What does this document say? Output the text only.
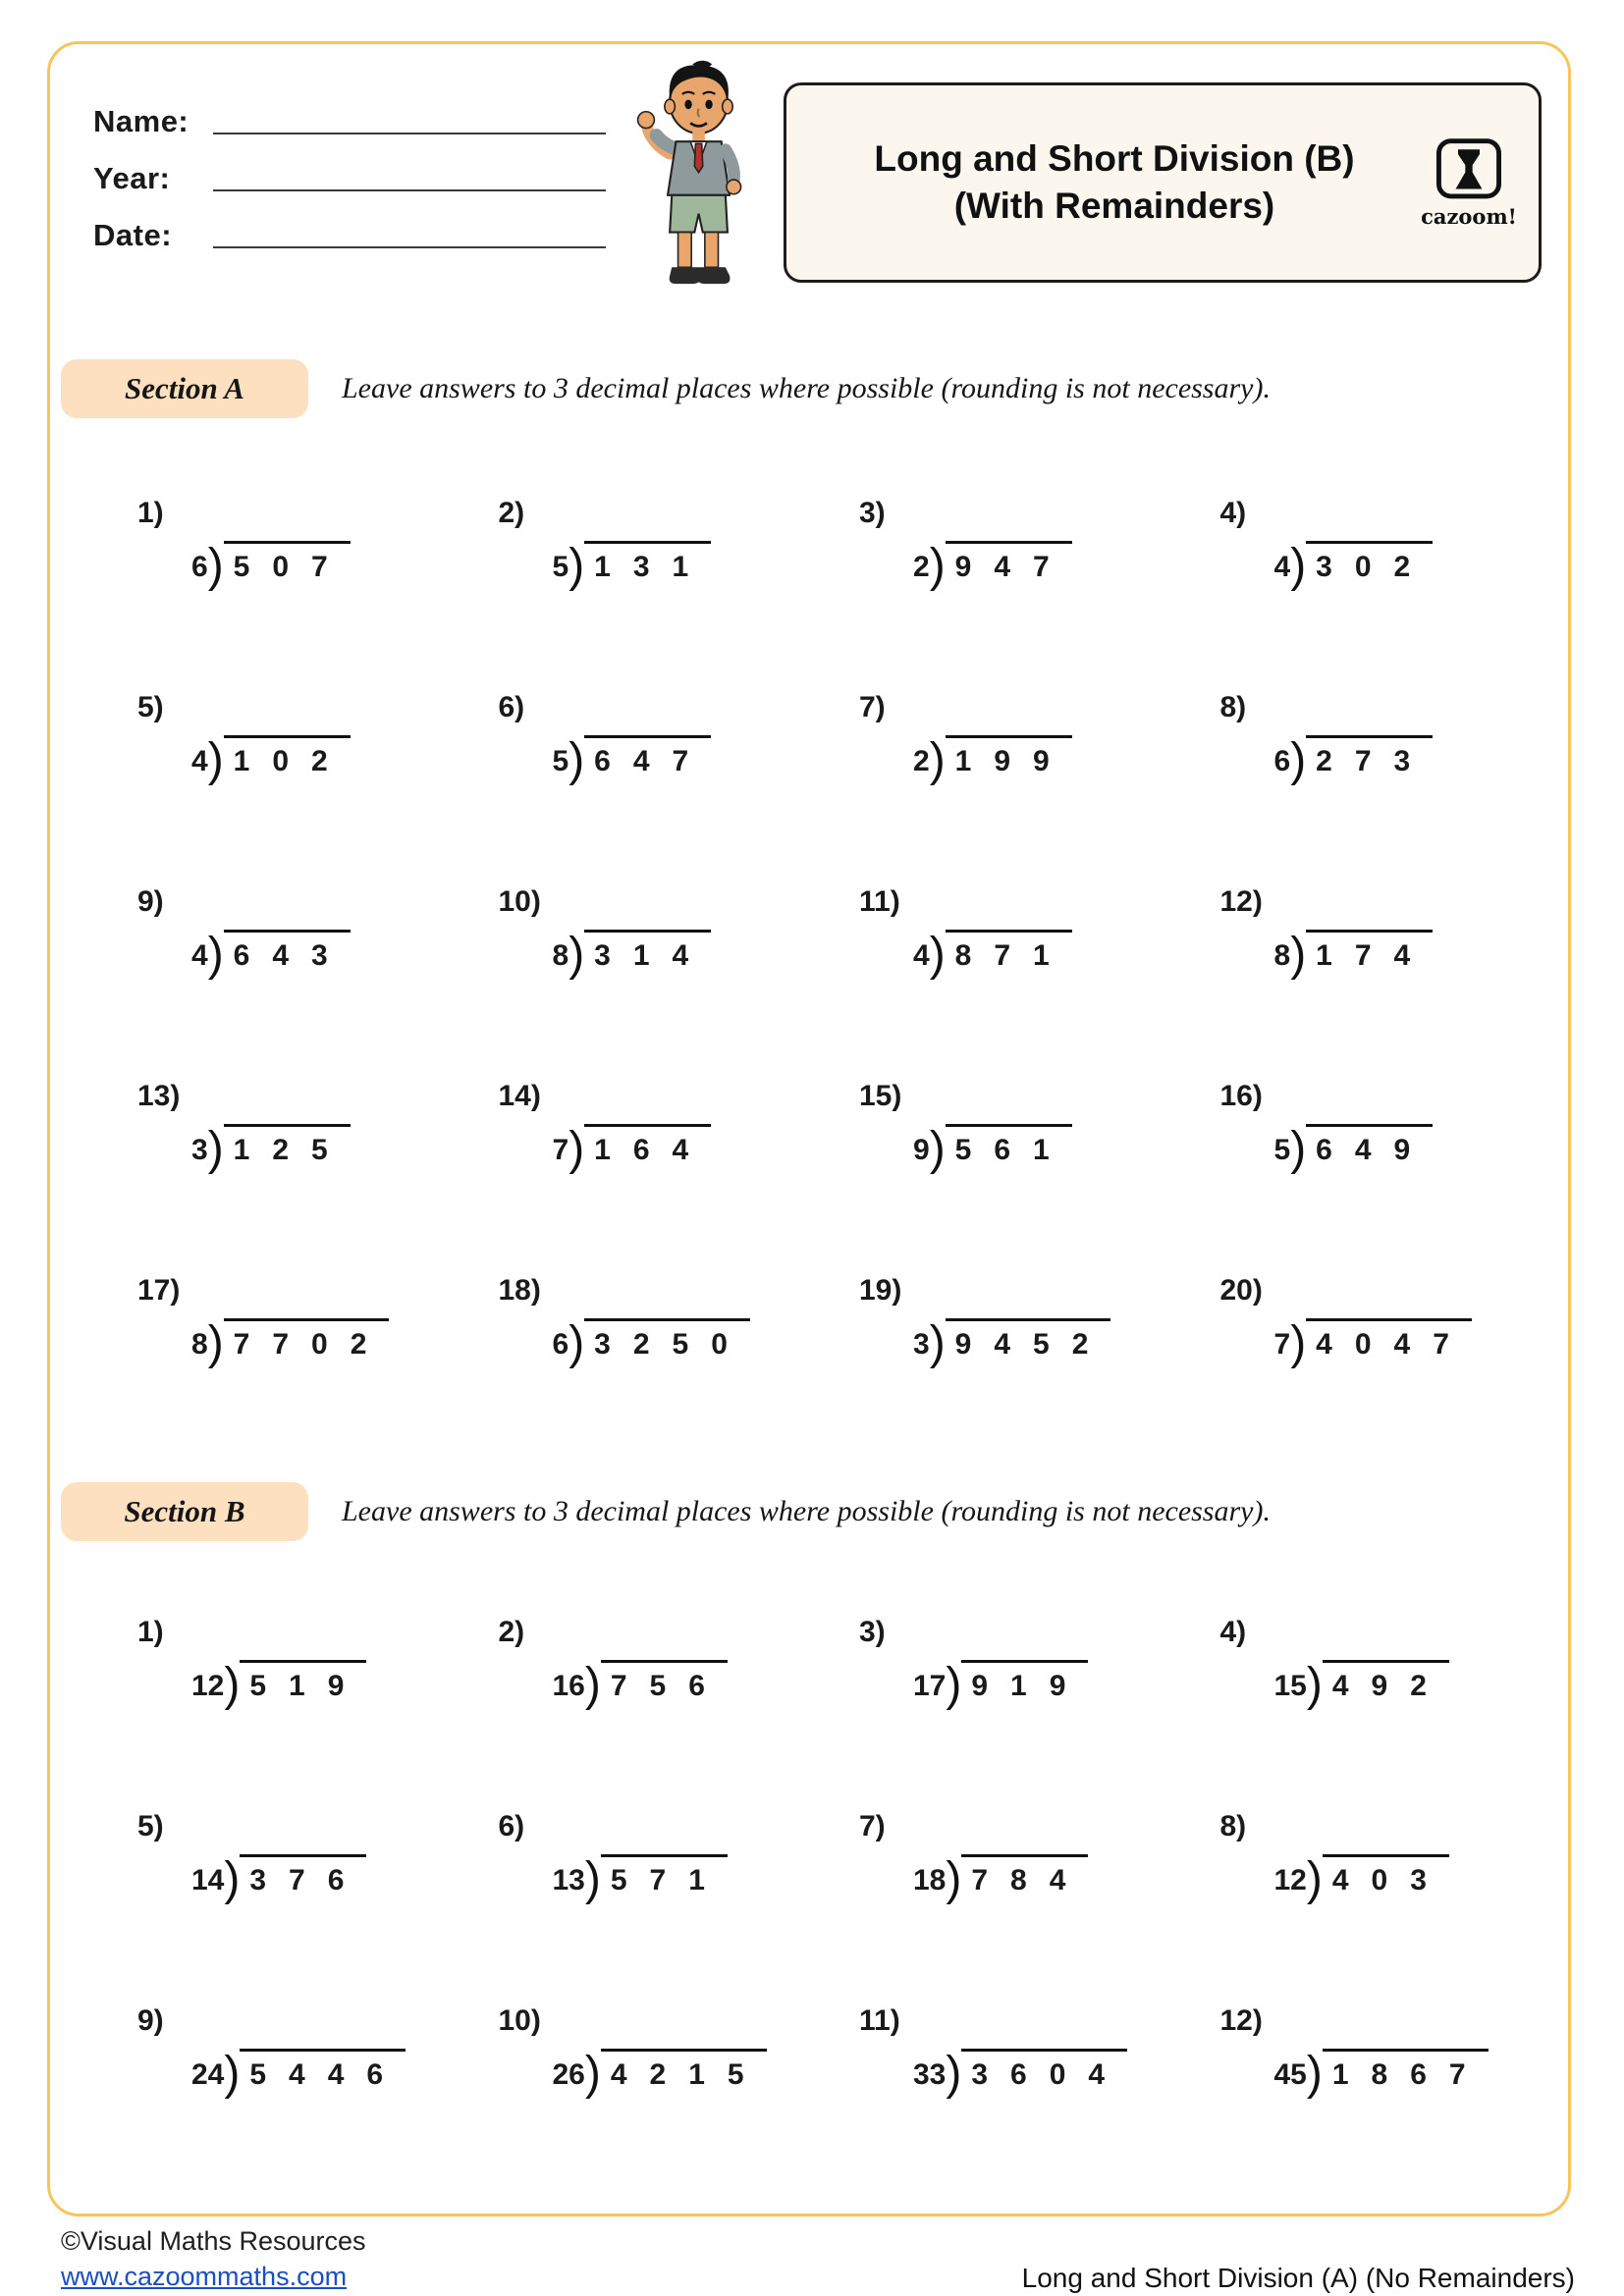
Name:
Year:
Date:
Long and Short Division (B)
(With Remainders)	cazoom!
Section A	Leave answers to 3 decimal places where possible (rounding is not necessary).
1)
6 ) 507
2)
5 ) 131
3)
2 ) 947
4)
4 ) 302
5)
4 ) 102
6)
5 ) 647
7)
2 ) 199
8)
6 ) 273
9)
4 ) 643
10)
8 ) 314
11)
4 ) 871
12)
8 ) 174
13)
3 ) 125
14)
7 ) 164
15)
9 ) 561
16)
5 ) 649
17)
8 ) 7702
18)
6 ) 3250
19)
3 ) 9452
20)
7 ) 4047
Section B	Leave answers to 3 decimal places where possible (rounding is not necessary).
1)
12 ) 519
2)
16 ) 756
3)
17 ) 919
4)
15 ) 492
5)
14 ) 376
6)
13 ) 571
7)
18 ) 784
8)
12 ) 403
9)
24 ) 5446
10)
26 ) 4215
11)
33 ) 3604
12)
45 ) 1867
©Visual Maths Resources
www.cazoommaths.com	Long and Short Division (A) (No Remainders)
